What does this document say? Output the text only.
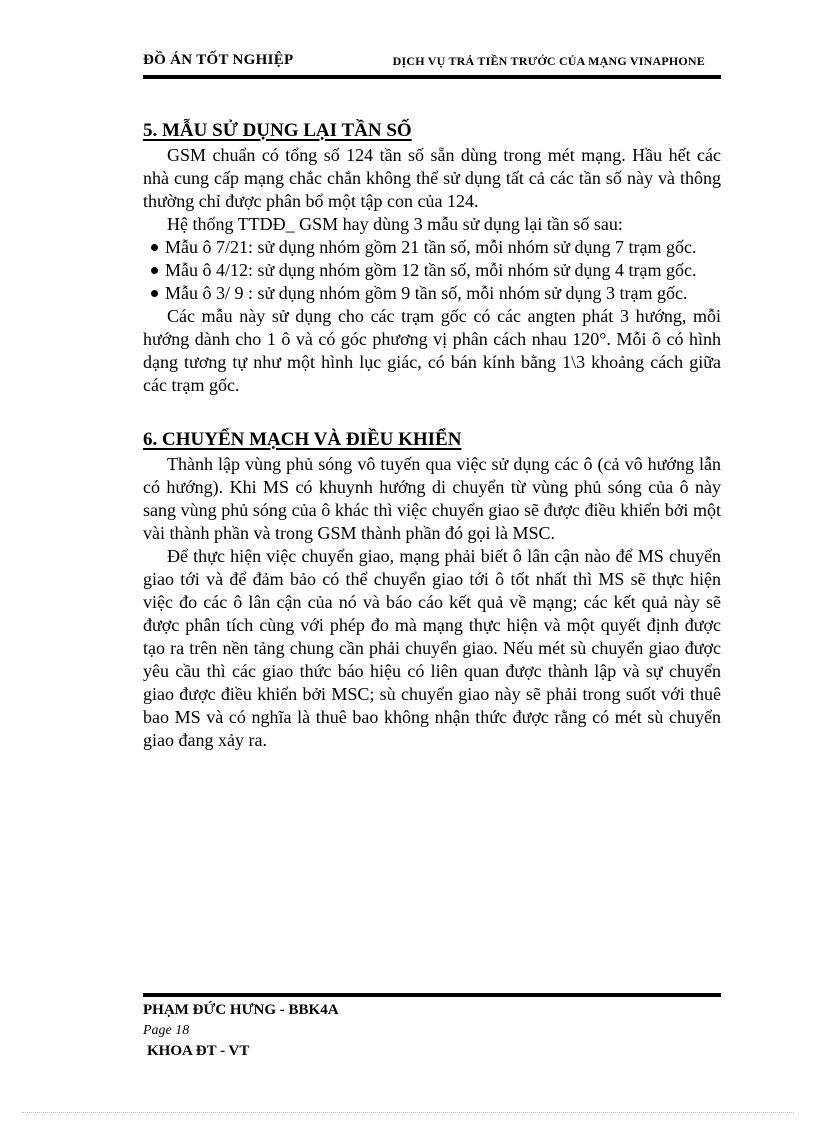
ĐỒ ÁN TỐT NGHIỆP	DỊCH VỤ TRẢ TIỀN TRƯỚC CỦA MẠNG VINAPHONE
5. MẪU SỬ DỤNG LẠI TẦN SỐ

GSM chuẩn có tổng số 124 tần số sẵn dùng trong mét mạng. Hầu hết các nhà cung cấp mạng chắc chắn không thể sử dụng tất cả các tần số này và thông thường chỉ được phân bổ một tập con của 124.

Hệ thống TTDĐ_ GSM hay dùng 3 mẫu sử dụng lại tần số sau:

Mẫu ô 7/21: sử dụng nhóm gồm 21 tần số, mỗi nhóm sử dụng 7 trạm gốc.
Mẫu ô 4/12: sử dụng nhóm gồm 12 tần số, mỗi nhóm sử dụng 4 trạm gốc.
Mẫu ô 3/ 9 : sử dụng nhóm gồm 9 tần số, mỗi nhóm sử dụng 3 trạm gốc.

Các mẫu này sử dụng cho các trạm gốc có các angten phát 3 hướng, mỗi hướng dành cho 1 ô và có góc phương vị phân cách nhau 120°. Mỗi ô có hình dạng tương tự như một hình lục giác, có bán kính bằng 1\3 khoảng cách giữa các trạm gốc.

6. CHUYỂN MẠCH VÀ ĐIỀU KHIỂN

Thành lập vùng phủ sóng vô tuyến qua việc sử dụng các ô (cả vô hướng lẫn có hướng). Khi MS có khuynh hướng di chuyển từ vùng phủ sóng của ô này sang vùng phủ sóng của ô khác thì việc chuyển giao sẽ được điều khiển bởi một vài thành phần và trong GSM thành phần đó gọi là MSC.

Để thực hiện việc chuyển giao, mạng phải biết ô lân cận nào để MS chuyển giao tới và để đảm bảo có thể chuyển giao tới ô tốt nhất thì MS sẽ thực hiện việc đo các ô lân cận của nó và báo cáo kết quả về mạng; các kết quả này sẽ được phân tích cùng với phép đo mà mạng thực hiện và một quyết định được tạo ra trên nền tảng chung cần phải chuyển giao. Nếu mét sù chuyển giao được yêu cầu thì các giao thức báo hiệu có liên quan được thành lập và sự chuyển giao được điều khiển bởi MSC; sù chuyển giao này sẽ phải trong suốt với thuê bao MS và có nghĩa là thuê bao không nhận thức được rằng có mét sù chuyển giao đang xảy ra.

PHẠM ĐỨC HƯNG - BBK4A
Page 18
KHOA ĐT - VT
